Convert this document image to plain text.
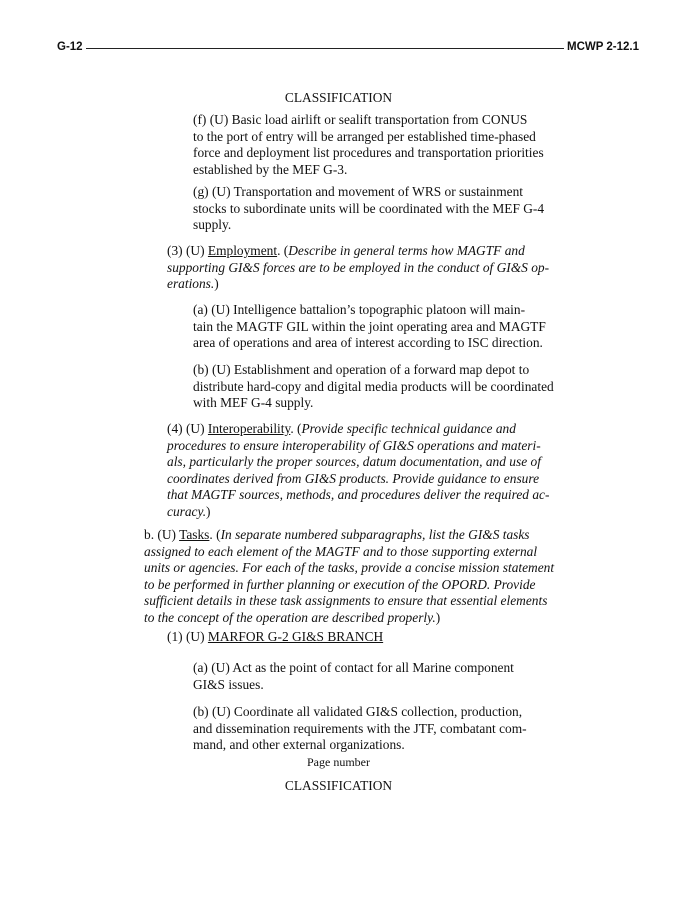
G-12	MCWP 2-12.1
CLASSIFICATION
(f) (U) Basic load airlift or sealift transportation from CONUS
to the port of entry will be arranged per established time-phased
force and deployment list procedures and transportation priorities
established by the MEF G-3.
(g) (U) Transportation and movement of WRS or sustainment
stocks to subordinate units will be coordinated with the MEF G-4
supply.
(3) (U) Employment. (Describe in general terms how MAGTF and
supporting GI&S forces are to be employed in the conduct of GI&S op-
erations.)
(a) (U) Intelligence battalion’s topographic platoon will main-
tain the MAGTF GIL within the joint operating area and MAGTF
area of operations and area of interest according to ISC direction.
(b) (U) Establishment and operation of a forward map depot to
distribute hard-copy and digital media products will be coordinated
with MEF G-4 supply.
(4) (U) Interoperability. (Provide specific technical guidance and
procedures to ensure interoperability of GI&S operations and materi-
als, particularly the proper sources, datum documentation, and use of
coordinates derived from GI&S products. Provide guidance to ensure
that MAGTF sources, methods, and procedures deliver the required ac-
curacy.)
b. (U) Tasks. (In separate numbered subparagraphs, list the GI&S tasks
assigned to each element of the MAGTF and to those supporting external
units or agencies. For each of the tasks, provide a concise mission statement
to be performed in further planning or execution of the OPORD. Provide
sufficient details in these task assignments to ensure that essential elements
to the concept of the operation are described properly.)
(1) (U) MARFOR G-2 GI&S BRANCH
(a) (U) Act as the point of contact for all Marine component
GI&S issues.
(b) (U) Coordinate all validated GI&S collection, production,
and dissemination requirements with the JTF, combatant com-
mand, and other external organizations.
Page number
CLASSIFICATION
